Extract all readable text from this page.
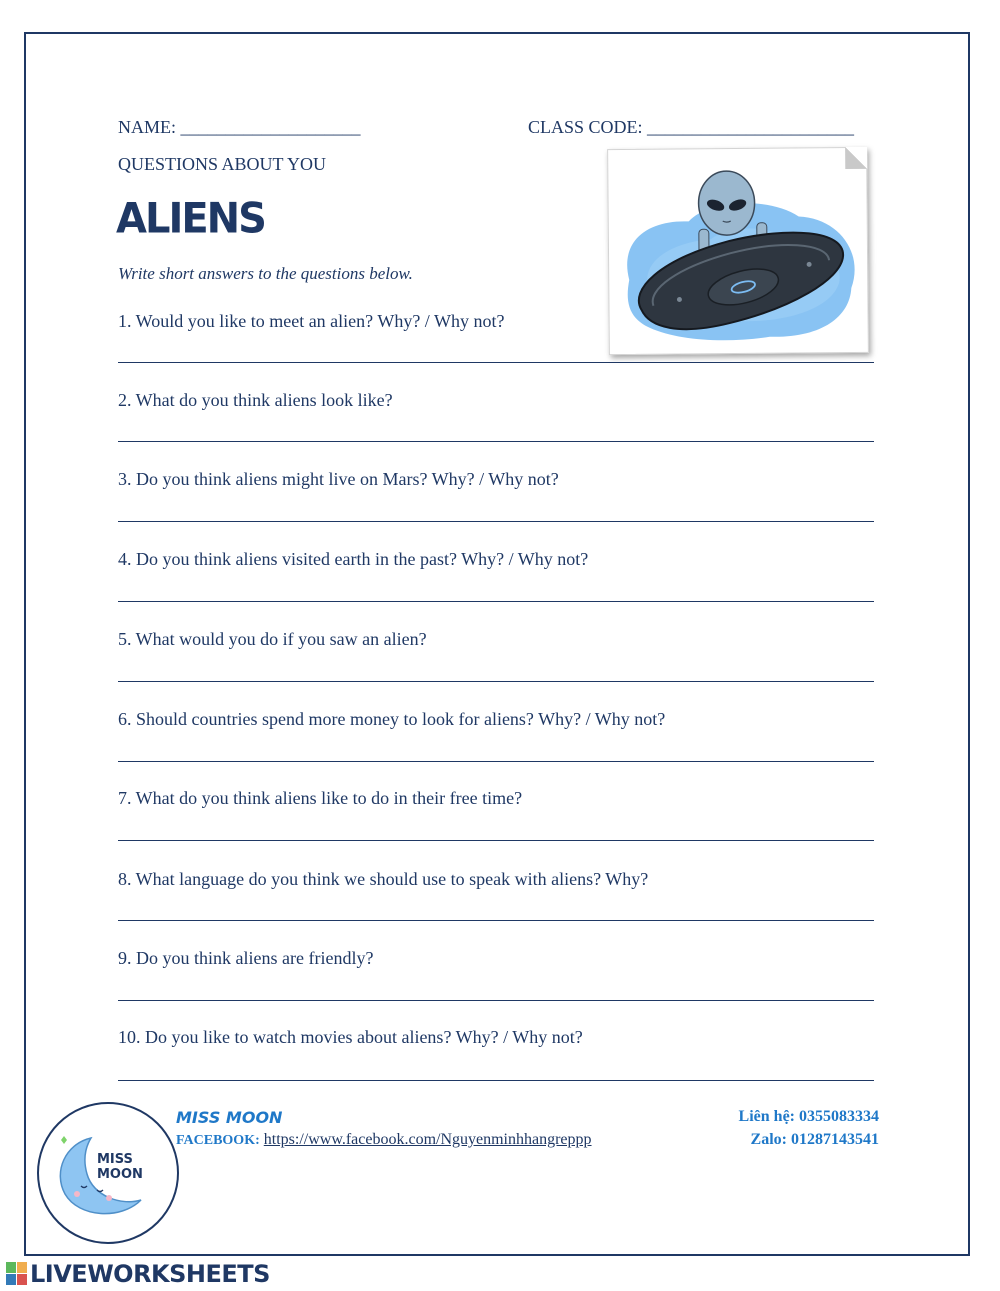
NAME: ____________________	CLASS CODE: _______________________
QUESTIONS ABOUT YOU
ALIENS
Write short answers to the questions below.
1. Would you like to meet an alien? Why? / Why not?
2. What do you think aliens look like?
3. Do you think aliens might live on Mars? Why? / Why not?
4. Do you think aliens visited earth in the past? Why? / Why not?
5. What would you do if you saw an alien?
6. Should countries spend more money to look for aliens? Why? / Why not?
7. What do you think aliens like to do in their free time?
8. What language do you think we should use to speak with aliens? Why?
9. Do you think aliens are friendly?
10. Do you like to watch movies about aliens? Why? / Why not?
MISS MOON
MISS MOON
FACEBOOK: https://www.facebook.com/Nguyenminhhangreppp
Liên hệ: 0355083334
Zalo: 01287143541
LIVEWORKSHEETS
